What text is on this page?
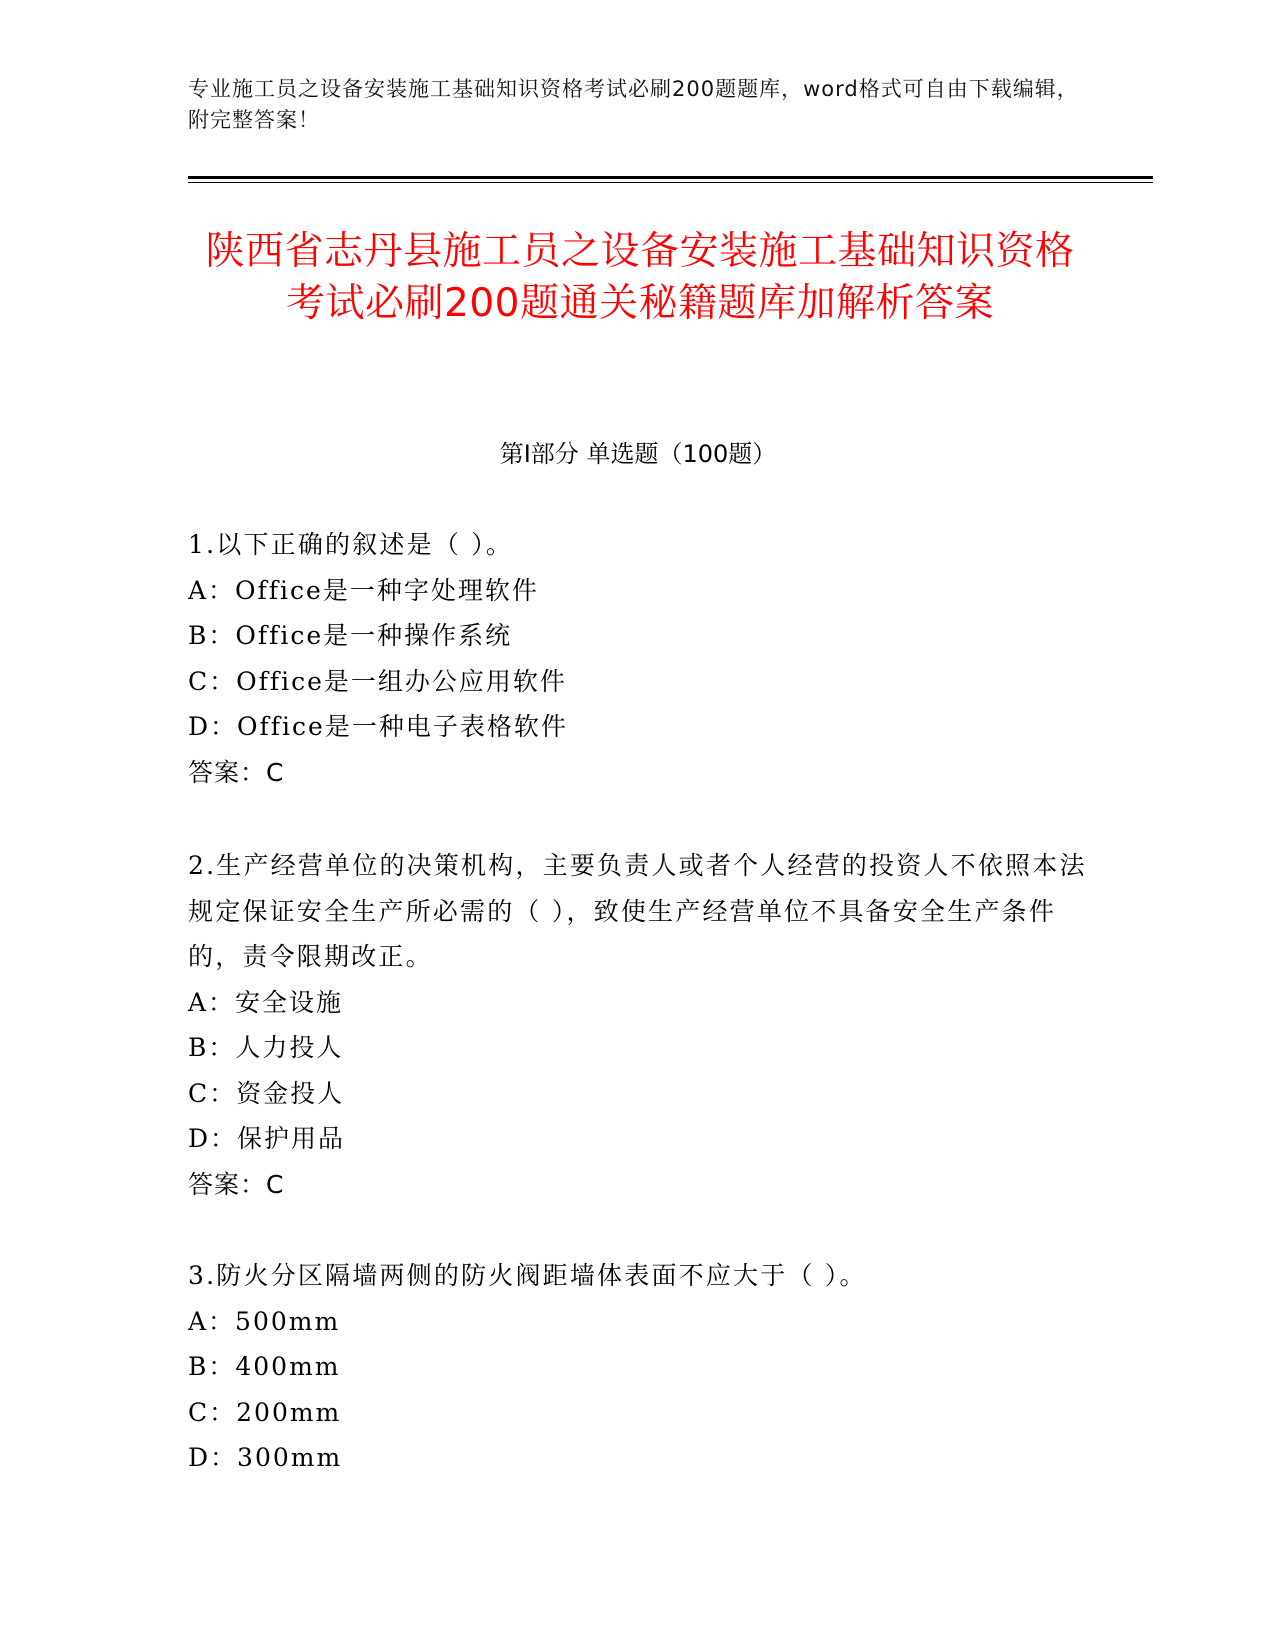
专业施工员之设备安装施工基础知识资格考试必刷200题题库，word格式可自由下载编辑，附完整答案！
陕西省志丹县施工员之设备安装施工基础知识资格考试必刷200题通关秘籍题库加解析答案
第Ⅰ部分 单选题（100题）
1.以下正确的叙述是（ ）。
A：Office是一种字处理软件
B：Office是一种操作系统
C：Office是一组办公应用软件
D：Office是一种电子表格软件
答案：C
2.生产经营单位的决策机构，主要负责人或者个人经营的投资人不依照本法规定保证安全生产所必需的（ ），致使生产经营单位不具备安全生产条件的，责令限期改正。
A：安全设施
B：人力投人
C：资金投人
D：保护用品
答案：C
3.防火分区隔墙两侧的防火阀距墙体表面不应大于（ ）。
A：500mm
B：400mm
C：200mm
D：300mm
